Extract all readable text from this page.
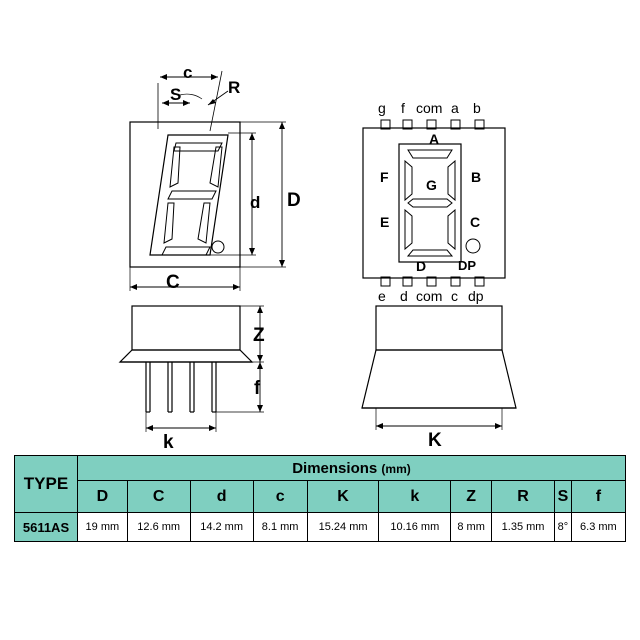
c
S	R
d D
C
g f com a b
e d com c dp
A
B
C
D
E
F	G
DP
Z
f
k	K
TYPE	Dimensions (mm)									
	D	C	d	c	K	k	Z	R	S	f
5611AS	19 mm	12.6 mm	14.2 mm	8.1 mm	15.24 mm	10.16 mm	8 mm	1.35 mm	8°	6.3 mm
